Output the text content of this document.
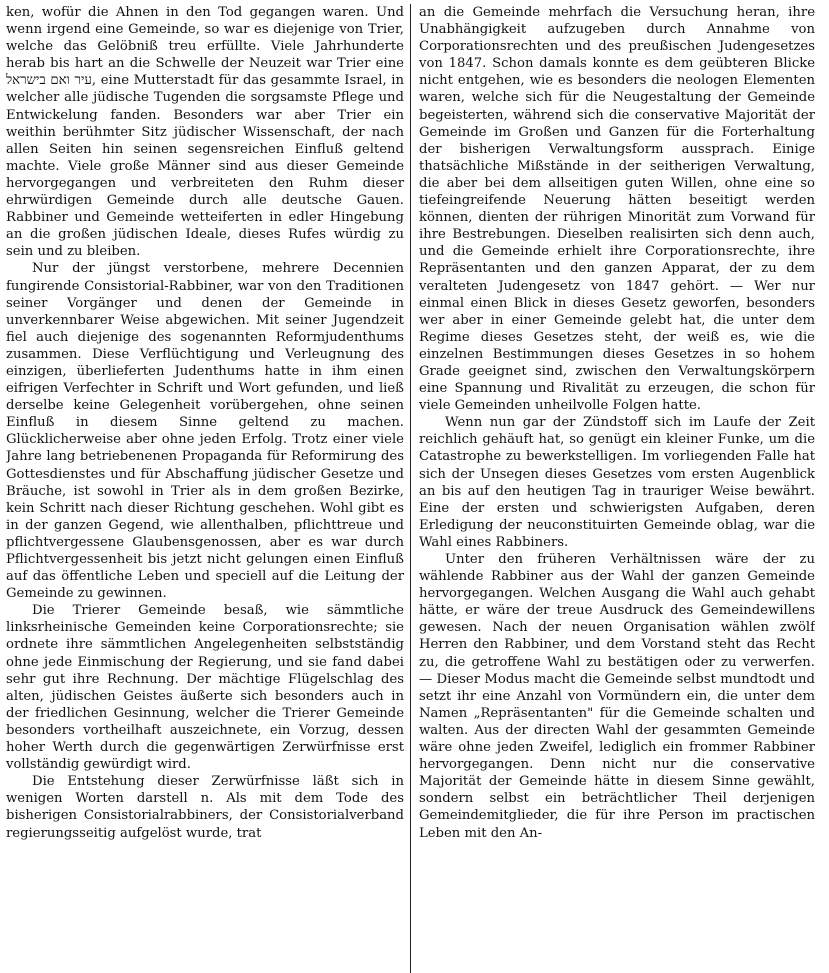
ken, wofür die Ahnen in den Tod gegangen waren. Und wenn irgend eine Gemeinde, so war es diejenige von Trier, welche das Gelöbniß treu erfüllte. Viele Jahrhunderte herab bis hart an die Schwelle der Neuzeit war Trier eine עיר ואם בישראל, eine Mutterstadt für das gesammte Israel, in welcher alle jüdische Tugenden die sorgsamste Pflege und Entwickelung fanden. Besonders war aber Trier ein weithin berühmter Sitz jüdischer Wissenschaft, der nach allen Seiten hin seinen segensreichen Einfluß geltend machte. Viele große Männer sind aus dieser Gemeinde hervorgegangen und verbreiteten den Ruhm dieser ehrwürdigen Gemeinde durch alle deutsche Gauen. Rabbiner und Gemeinde wetteiferten in edler Hingebung an die großen jüdischen Ideale, dieses Rufes würdig zu sein und zu bleiben.

Nur der jüngst verstorbene, mehrere Decennien fungirende Consistorial-Rabbiner, war von den Traditionen seiner Vorgänger und denen der Gemeinde in unverkennbarer Weise abgewichen. Mit seiner Jugendzeit fiel auch diejenige des sogenannten Reformjudenthums zusammen. Diese Verflüchtigung und Verleugnung des einzigen, überlieferten Judenthums hatte in ihm einen eifrigen Verfechter in Schrift und Wort gefunden, und ließ derselbe keine Gelegenheit vorübergehen, ohne seinen Einfluß in diesem Sinne geltend zu machen. Glücklicherweise aber ohne jeden Erfolg. Trotz einer viele Jahre lang betriebenenen Propaganda für Reformirung des Gottesdienstes und für Abschaffung jüdischer Gesetze und Bräuche, ist sowohl in Trier als in dem großen Bezirke, kein Schritt nach dieser Richtung geschehen. Wohl gibt es in der ganzen Gegend, wie allenthalben, pflichttreue und pflichtvergessene Glaubensgenossen, aber es war durch Pflichtvergessenheit bis jetzt nicht gelungen einen Einfluß auf das öffentliche Leben und speciell auf die Leitung der Gemeinde zu gewinnen.

Die Trierer Gemeinde besaß, wie sämmtliche linksrheinische Gemeinden keine Corporationsrechte; sie ordnete ihre sämmtlichen Angelegenheiten selbstständig ohne jede Einmischung der Regierung, und sie fand dabei sehr gut ihre Rechnung. Der mächtige Flügelschlag des alten, jüdischen Geistes äußerte sich besonders auch in der friedlichen Gesinnung, welcher die Trierer Gemeinde besonders vortheilhaft auszeichnete, ein Vorzug, dessen hoher Werth durch die gegenwärtigen Zerwürfnisse erst vollständig gewürdigt wird.

Die Entstehung dieser Zerwürfnisse läßt sich in wenigen Worten darstell n. Als mit dem Tode des bisherigen Consistorialrabbiners, der Consistorialverband regierungsseitig aufgelöst wurde, trat

an die Gemeinde mehrfach die Versuchung heran, ihre Unabhängigkeit aufzugeben durch Annahme von Corporationsrechten und des preußischen Judengesetzes von 1847. Schon damals konnte es dem geübteren Blicke nicht entgehen, wie es besonders die neologen Elementen waren, welche sich für die Neugestaltung der Gemeinde begeisterten, während sich die conservative Majorität der Gemeinde im Großen und Ganzen für die Forterhaltung der bisherigen Verwaltungsform aussprach. Einige thatsächliche Mißstände in der seitherigen Verwaltung, die aber bei dem allseitigen guten Willen, ohne eine so tiefeingreifende Neuerung hätten beseitigt werden können, dienten der rührigen Minorität zum Vorwand für ihre Bestrebungen. Dieselben realisirten sich denn auch, und die Gemeinde erhielt ihre Corporationsrechte, ihre Repräsentanten und den ganzen Apparat, der zu dem veralteten Judengesetz von 1847 gehört. — Wer nur einmal einen Blick in dieses Gesetz geworfen, besonders wer aber in einer Gemeinde gelebt hat, die unter dem Regime dieses Gesetzes steht, der weiß es, wie die einzelnen Bestimmungen dieses Gesetzes in so hohem Grade geeignet sind, zwischen den Verwaltungskörpern eine Spannung und Rivalität zu erzeugen, die schon für viele Gemeinden unheilvolle Folgen hatte.

Wenn nun gar der Zündstoff sich im Laufe der Zeit reichlich gehäuft hat, so genügt ein kleiner Funke, um die Catastrophe zu bewerkstelligen. Im vorliegenden Falle hat sich der Unsegen dieses Gesetzes vom ersten Augenblick an bis auf den heutigen Tag in trauriger Weise bewährt. Eine der ersten und schwierigsten Aufgaben, deren Erledigung der neuconstituirten Gemeinde oblag, war die Wahl eines Rabbiners.

Unter den früheren Verhältnissen wäre der zu wählende Rabbiner aus der Wahl der ganzen Gemeinde hervorgegangen. Welchen Ausgang die Wahl auch gehabt hätte, er wäre der treue Ausdruck des Gemeindewillens gewesen. Nach der neuen Organisation wählen zwölf Herren den Rabbiner, und dem Vorstand steht das Recht zu, die getroffene Wahl zu bestätigen oder zu verwerfen. — Dieser Modus macht die Gemeinde selbst mundtodt und setzt ihr eine Anzahl von Vormündern ein, die unter dem Namen „Repräsentanten" für die Gemeinde schalten und walten. Aus der directen Wahl der gesammten Gemeinde wäre ohne jeden Zweifel, lediglich ein frommer Rabbiner hervorgegangen. Denn nicht nur die conservative Majorität der Gemeinde hätte in diesem Sinne gewählt, sondern selbst ein beträchtlicher Theil derjenigen Gemeindemitglieder, die für ihre Person im practischen Leben mit den An-
